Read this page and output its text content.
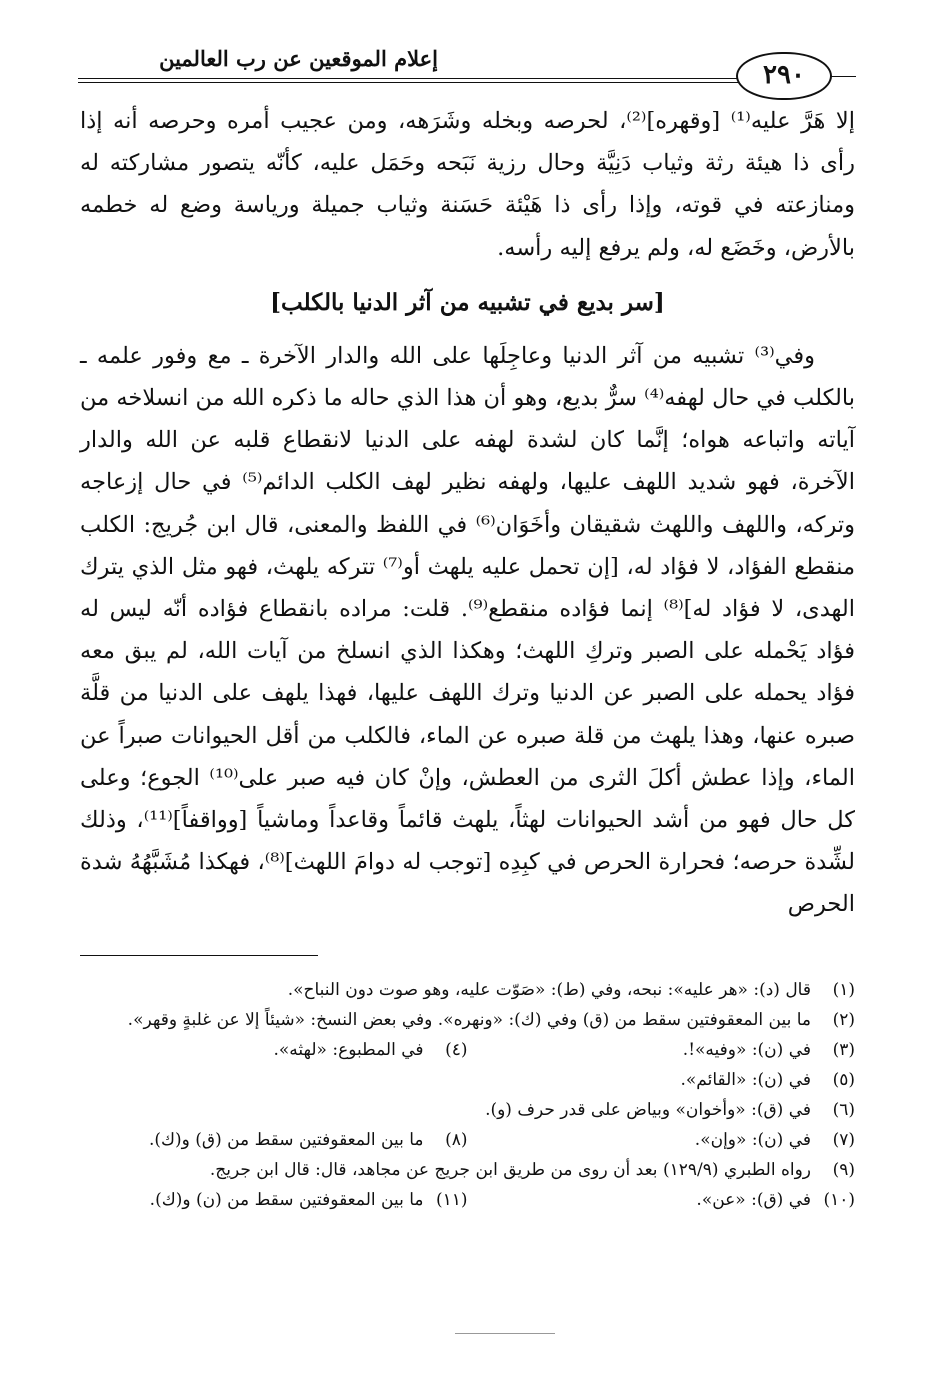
إعلام الموقعين عن رب العالمين
٢٩٠

إلا هَرَّ عليه⁽¹⁾ [وقهره]⁽²⁾، لحرصه وبخله وشَرَهه، ومن عجيب أمره وحرصه أنه إذا رأى ذا هيئة رثة وثياب دَنِيَّة وحال رزية نَبَحه وحَمَل عليه، كأنّه يتصور مشاركته له ومنازعته في قوته، وإذا رأى ذا هَيْئة حَسَنة وثياب جميلة ورياسة وضع له خطمه بالأرض، وخَضَع له، ولم يرفع إليه رأسه.

[سر بديع في تشبيه من آثر الدنيا بالكلب]

وفي⁽³⁾ تشبيه من آثر الدنيا وعاجِلَها على الله والدار الآخرة ـ مع وفور علمه ـ بالكلب في حال لهفه⁽⁴⁾ سرٌّ بديع، وهو أن هذا الذي حاله ما ذكره الله من انسلاخه من آياته واتباعه هواه؛ إنَّما كان لشدة لهفه على الدنيا لانقطاع قلبه عن الله والدار الآخرة، فهو شديد اللهف عليها، ولهفه نظير لهف الكلب الدائم⁽⁵⁾ في حال إزعاجه وتركه، واللهف واللهث شقيقان وأخَوَان⁽⁶⁾ في اللفظ والمعنى، قال ابن جُريج: الكلب منقطع الفؤاد، لا فؤاد له، [إن تحمل عليه يلهث أو⁽⁷⁾ تتركه يلهث، فهو مثل الذي يترك الهدى، لا فؤاد له]⁽⁸⁾ إنما فؤاده منقطع⁽⁹⁾. قلت: مراده بانقطاع فؤاده أنّه ليس له فؤاد يَحْمله على الصبر وتركِ اللهث؛ وهكذا الذي انسلخ من آيات الله، لم يبق معه فؤاد يحمله على الصبر عن الدنيا وترك اللهف عليها، فهذا يلهف على الدنيا من قلَّة صبره عنها، وهذا يلهث من قلة صبره عن الماء، فالكلب من أقل الحيوانات صبراً عن الماء، وإذا عطش أكلَ الثرى من العطش، وإنْ كان فيه صبر على⁽¹⁰⁾ الجوع؛ وعلى كل حال فهو من أشد الحيوانات لهثاً، يلهث قائماً وقاعداً وماشياً [وواقفاً]⁽¹¹⁾، وذلك لشِّدة حرصه؛ فحرارة الحرص في كبِدِه [توجب له دوامَ اللهث]⁽⁸⁾، فهكذا مُشَبَّهُهُ شدة الحرص

(١)
قال (د): «هر عليه»: نبحه، وفي (ط): «صَوّت عليه، وهو صوت دون النباح».
(٢)
ما بين المعقوفتين سقط من (ق) وفي (ك): «ونهره». وفي بعض النسخ: «شيئاً إلا عن غلبةٍ وقهر».
(٣)
في (ن): «وفيه»!.
(٤)
في المطبوع: «لهثه».
(٥)
في (ن): «القائم».
(٦)
في (ق): «وأخوان» وبياض على قدر حرف (و).
(٧)
في (ن): «وإن».
(٨)
ما بين المعقوفتين سقط من (ق) و(ك).
(٩)
رواه الطبري (١٢٩/٩) بعد أن روى من طريق ابن جريج عن مجاهد، قال: قال ابن جريج.
(١٠)
في (ق): «عن».
(١١)
ما بين المعقوفتين سقط من (ن) و(ك).
